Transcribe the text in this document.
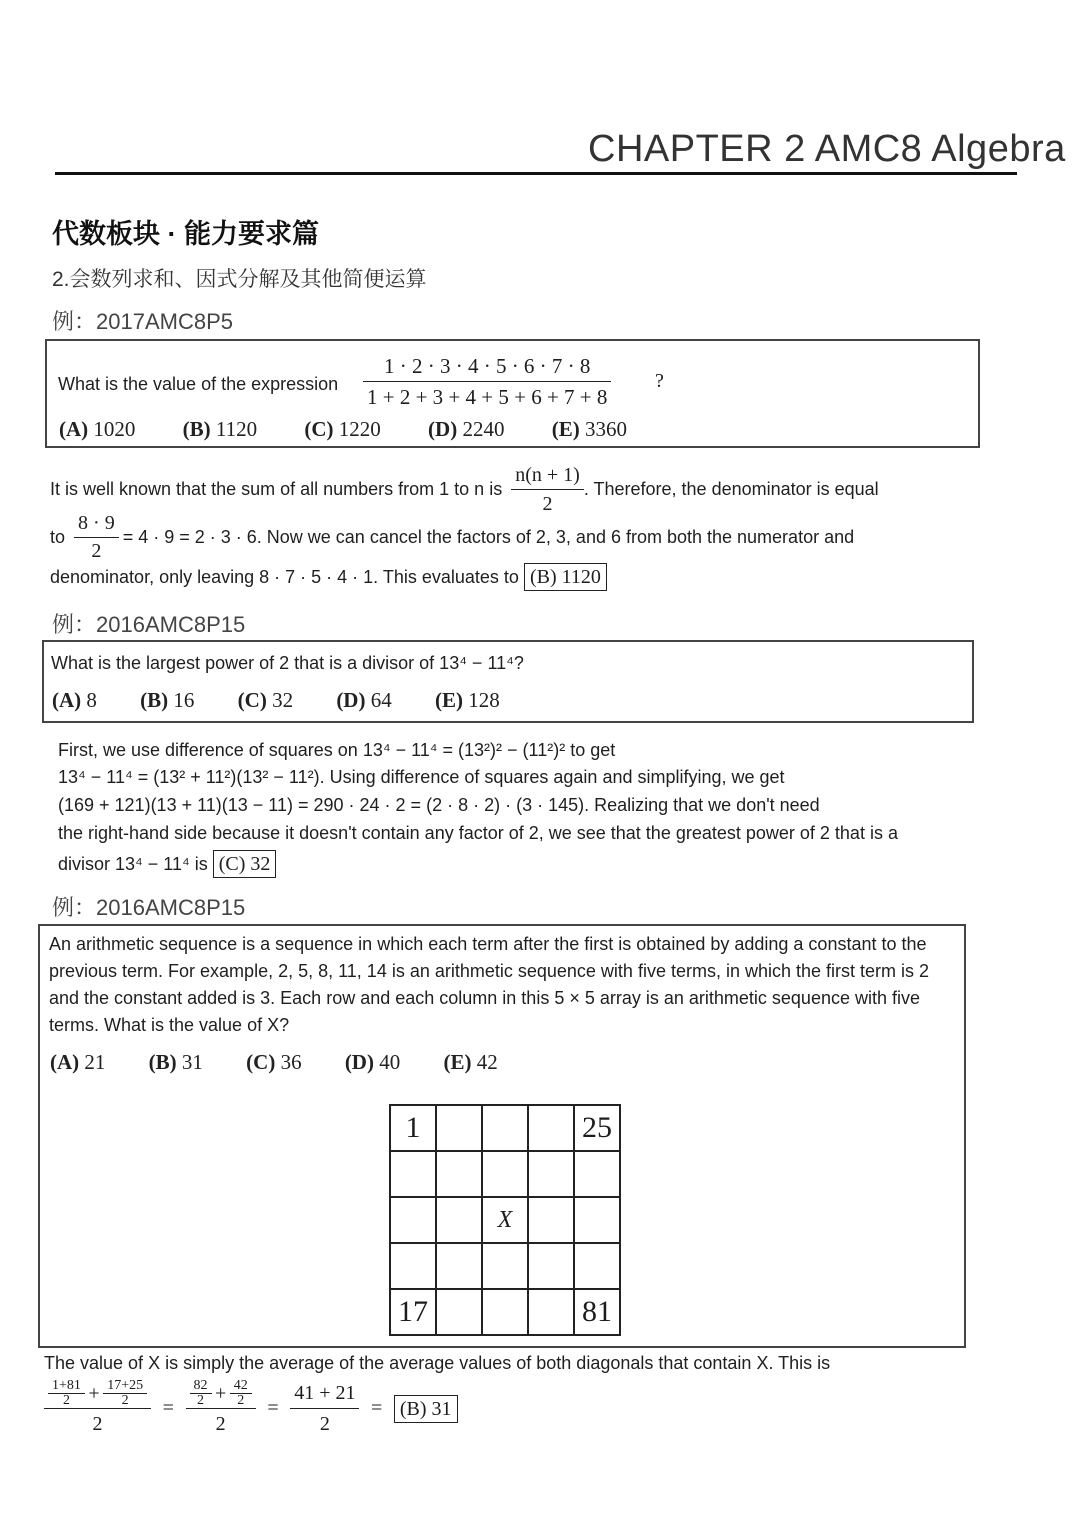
CHAPTER 2 AMC8 Algebra
代数板块 · 能力要求篇
2.会数列求和、因式分解及其他简便运算
例：2017AMC8P5
What is the value of the expression $\frac{1 \cdot 2 \cdot 3 \cdot 4 \cdot 5 \cdot 6 \cdot 7 \cdot 8}{1 + 2 + 3 + 4 + 5 + 6 + 7 + 8}$ ?
(A) 1020 (B) 1120 (C) 1220 (D) 2240 (E) 3360
It is well known that the sum of all numbers from 1 to n is $\frac{n(n + 1)}{2}$ . Therefore, the denominator is equal
to $\frac{8 \cdot 9}{2} = 4 \cdot 9 = 2 \cdot 3 \cdot 6$. Now we can cancel the factors of 2, 3, and 6 from both the numerator and
denominator, only leaving 8 · 7 · 5 · 4 · 1. This evaluates to (B) 1120
例：2016AMC8P15
What is the largest power of 2 that is a divisor of 13⁴ − 11⁴?
(A) 8 (B) 16 (C) 32 (D) 64 (E) 128
First, we use difference of squares on 13⁴ − 11⁴ = (13²)² − (11²)² to get
13⁴ − 11⁴ = (13² + 11²)(13² − 11²). Using difference of squares again and simplifying, we get
(169 + 121)(13 + 11)(13 − 11) = 290 · 24 · 2 = (2 · 8 · 2) · (3 · 145). Realizing that we don't need
the right-hand side because it doesn't contain any factor of 2, we see that the greatest power of 2 that is a
divisor 13⁴ − 11⁴ is (C) 32
例：2016AMC8P15
An arithmetic sequence is a sequence in which each term after the first is obtained by adding a constant to the previous term. For example, 2, 5, 8, 11, 14 is an arithmetic sequence with five terms, in which the first term is 2 and the constant added is 3. Each row and each column in this 5 × 5 array is an arithmetic sequence with five terms. What is the value of X?
(A) 21 (B) 31 (C) 36 (D) 40 (E) 42
1				25

		X		

17				81
The value of X is simply the average of the average values of both diagonals that contain X. This is
$\frac{\frac{1+81}{2} + \frac{17+25}{2}}{2} = \frac{\frac{82}{2} + \frac{42}{2}}{2} = \frac{41 + 21}{2} = (B)$ 31
